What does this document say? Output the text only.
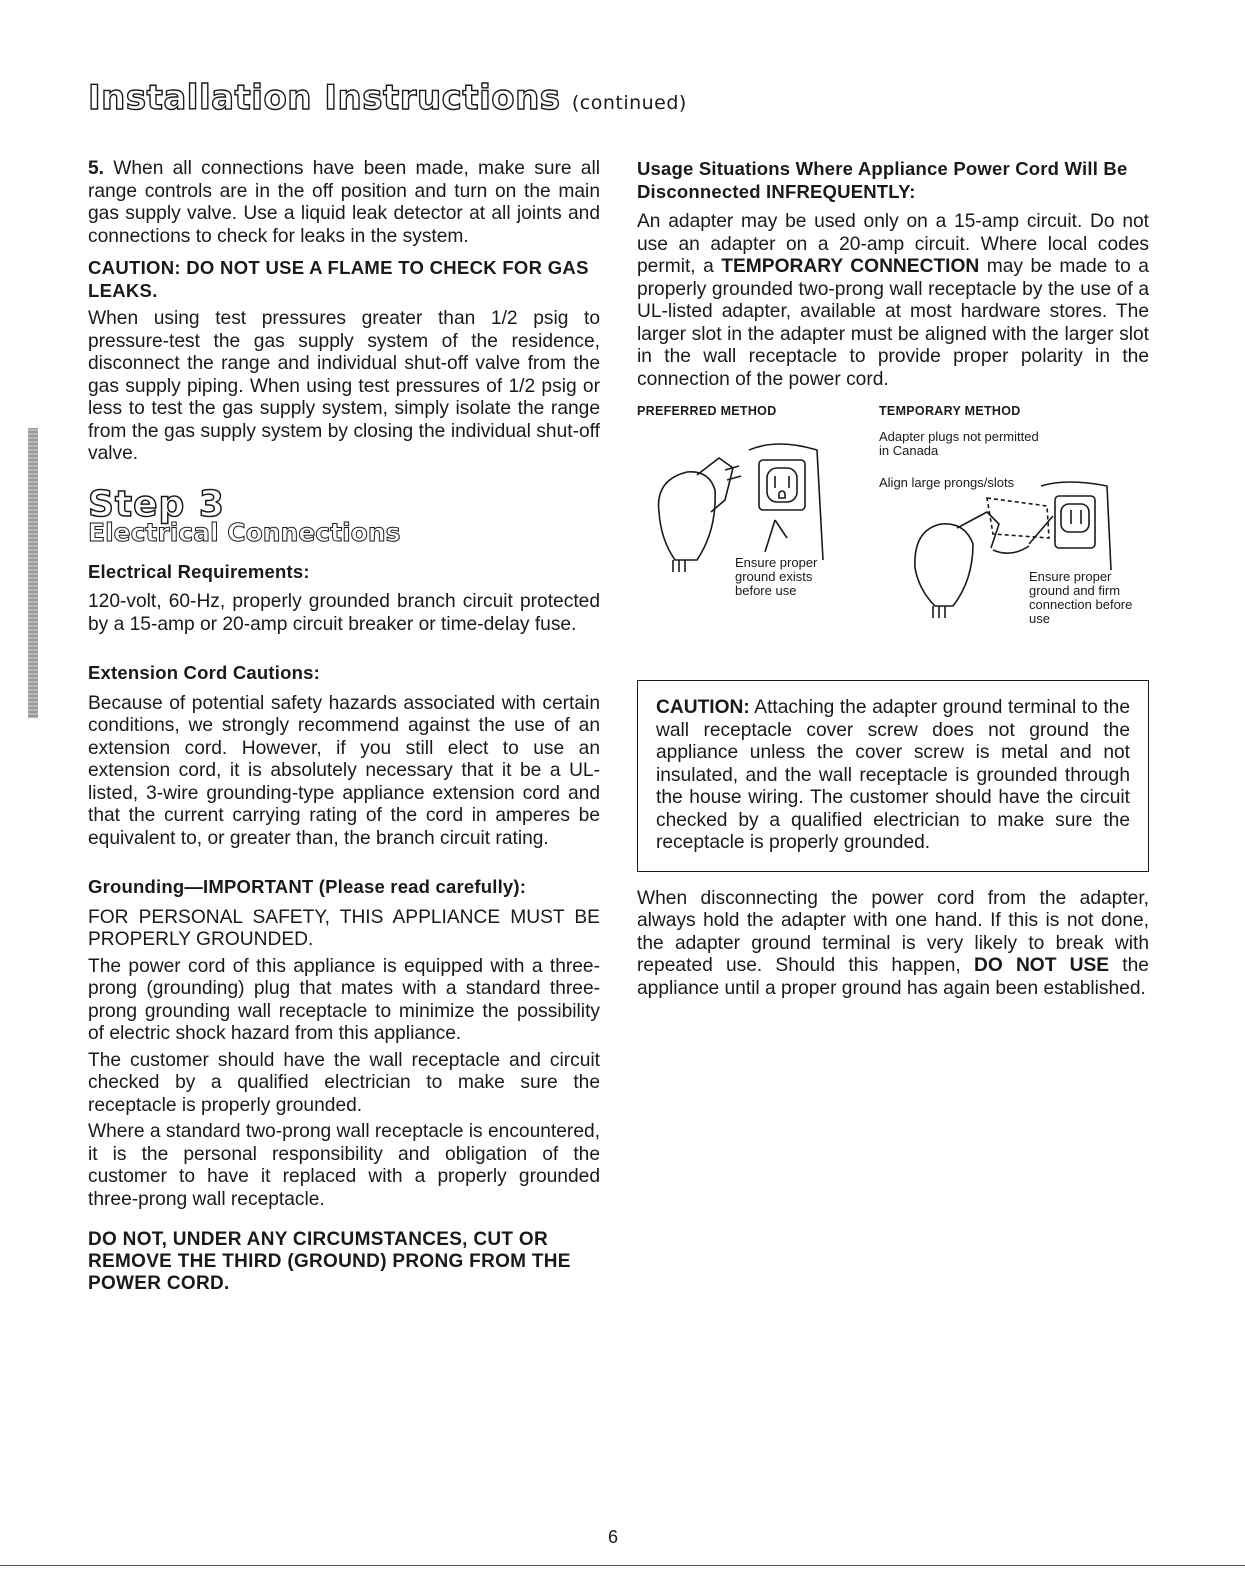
Installation Instructions (continued)

5. When all connections have been made, make sure all range controls are in the off position and turn on the main gas supply valve. Use a liquid leak detector at all joints and connections to check for leaks in the system.

CAUTION: DO NOT USE A FLAME TO CHECK FOR GAS LEAKS.

When using test pressures greater than 1/2 psig to pressure-test the gas supply system of the residence, disconnect the range and individual shut-off valve from the gas supply piping. When using test pressures of 1/2 psig or less to test the gas supply system, simply isolate the range from the gas supply system by closing the individual shut-off valve.

Step 3
Electrical Connections
Electrical Requirements:

120-volt, 60-Hz, properly grounded branch circuit protected by a 15-amp or 20-amp circuit breaker or time-delay fuse.

Extension Cord Cautions:

Because of potential safety hazards associated with certain conditions, we strongly recommend against the use of an extension cord. However, if you still elect to use an extension cord, it is absolutely necessary that it be a UL-listed, 3-wire grounding-type appliance extension cord and that the current carrying rating of the cord in amperes be equivalent to, or greater than, the branch circuit rating.

Grounding—IMPORTANT (Please read carefully):

FOR PERSONAL SAFETY, THIS APPLIANCE MUST BE PROPERLY GROUNDED.

The power cord of this appliance is equipped with a three-prong (grounding) plug that mates with a standard three-prong grounding wall receptacle to minimize the possibility of electric shock hazard from this appliance.

The customer should have the wall receptacle and circuit checked by a qualified electrician to make sure the receptacle is properly grounded.

Where a standard two-prong wall receptacle is encountered, it is the personal responsibility and obligation of the customer to have it replaced with a properly grounded three-prong wall receptacle.

DO NOT, UNDER ANY CIRCUMSTANCES, CUT OR REMOVE THE THIRD (GROUND) PRONG FROM THE POWER CORD.
Usage Situations Where Appliance Power Cord Will Be Disconnected INFREQUENTLY:

An adapter may be used only on a 15-amp circuit. Do not use an adapter on a 20-amp circuit. Where local codes permit, a TEMPORARY CONNECTION may be made to a properly grounded two-prong wall receptacle by the use of a UL-listed adapter, available at most hardware stores. The larger slot in the adapter must be aligned with the larger slot in the wall receptacle to provide proper polarity in the connection of the power cord.

PREFERRED METHOD	TEMPORARY METHOD
Ensure proper ground exists before use
Adapter plugs not permitted in Canada
Align large prongs/slots
Ensure proper ground and firm connection before use
CAUTION: Attaching the adapter ground terminal to the wall receptacle cover screw does not ground the appliance unless the cover screw is metal and not insulated, and the wall receptacle is grounded through the house wiring. The customer should have the circuit checked by a qualified electrician to make sure the receptacle is properly grounded.

When disconnecting the power cord from the adapter, always hold the adapter with one hand. If this is not done, the adapter ground terminal is very likely to break with repeated use. Should this happen, DO NOT USE the appliance until a proper ground has again been established.

6
